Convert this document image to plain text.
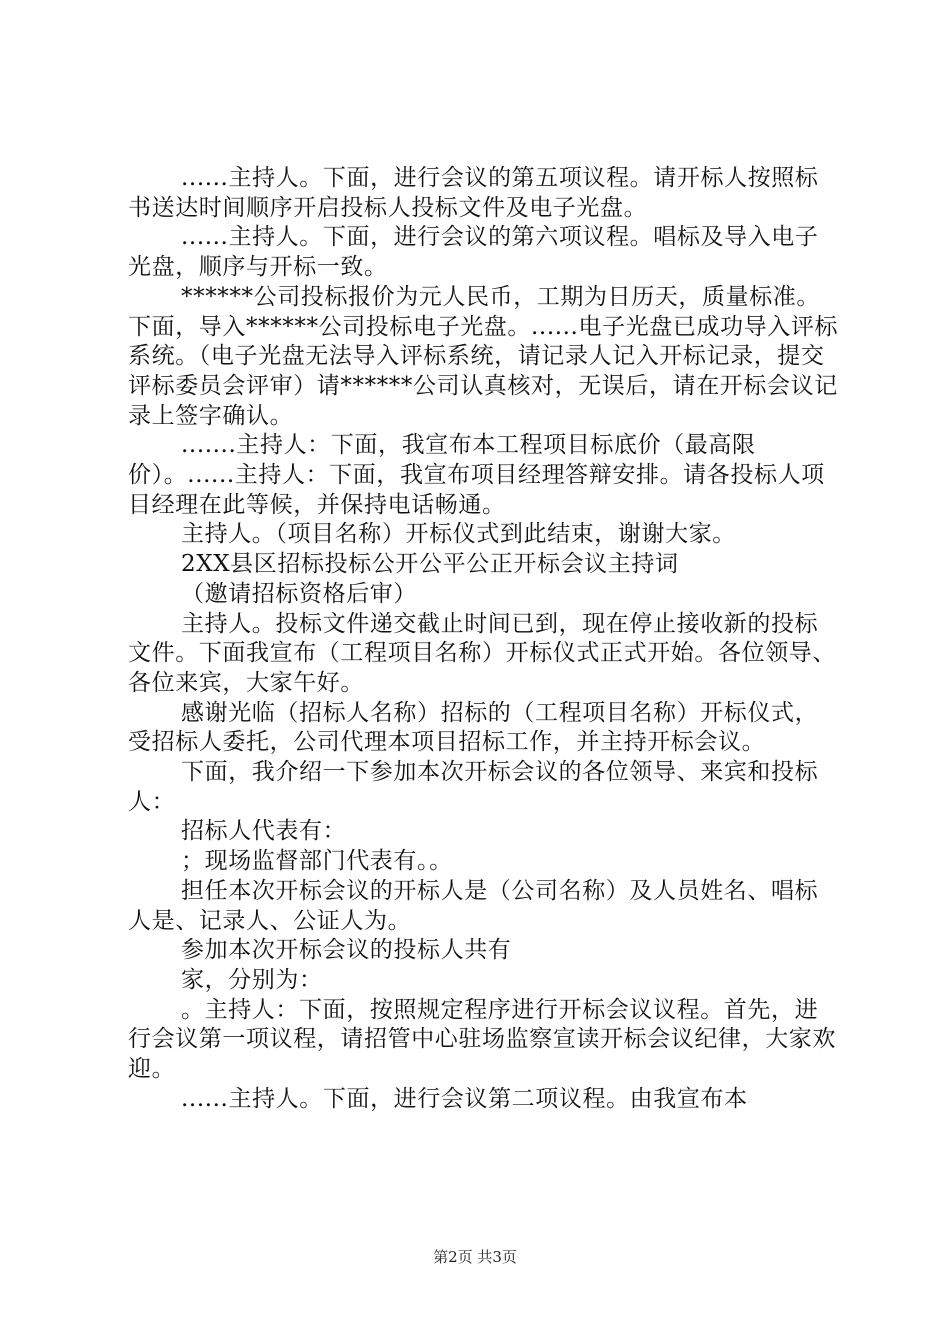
......主持人。下面，进行会议的第五项议程。请开标人按照标书送达时间顺序开启投标人投标文件及电子光盘。

......主持人。下面，进行会议的第六项议程。唱标及导入电子光盘，顺序与开标一致。

******公司投标报价为元人民币，工期为日历天，质量标准。下面，导入******公司投标电子光盘。......电子光盘已成功导入评标系统。（电子光盘无法导入评标系统，请记录人记入开标记录，提交评标委员会评审）请******公司认真核对，无误后，请在开标会议记录上签字确认。

.......主持人：下面，我宣布本工程项目标底价（最高限价）。......主持人：下面，我宣布项目经理答辩安排。请各投标人项目经理在此等候，并保持电话畅通。

主持人。（项目名称）开标仪式到此结束，谢谢大家。

2XX县区招标投标公开公平公正开标会议主持词

（邀请招标资格后审）

主持人。投标文件递交截止时间已到，现在停止接收新的投标文件。下面我宣布（工程项目名称）开标仪式正式开始。各位领导、各位来宾，大家午好。

感谢光临（招标人名称）招标的（工程项目名称）开标仪式，受招标人委托，公司代理本项目招标工作，并主持开标会议。

下面，我介绍一下参加本次开标会议的各位领导、来宾和投标人：

招标人代表有：

；现场监督部门代表有。。

担任本次开标会议的开标人是（公司名称）及人员姓名、唱标人是、记录人、公证人为。

参加本次开标会议的投标人共有

家，分别为：

。主持人：下面，按照规定程序进行开标会议议程。首先，进行会议第一项议程，请招管中心驻场监察宣读开标会议纪律，大家欢迎。

......主持人。下面，进行会议第二项议程。由我宣布本

第2页 共3页
